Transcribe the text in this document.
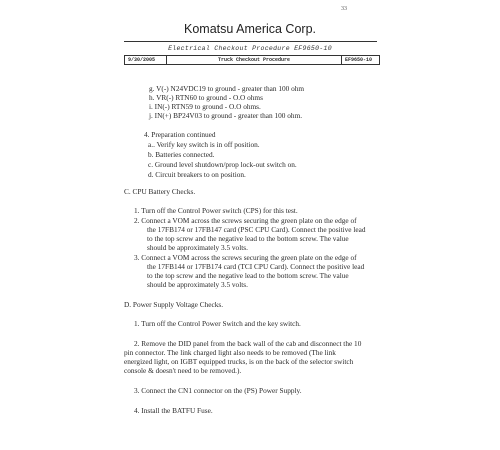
33
Komatsu America Corp.
Electrical Checkout Procedure EF9650-10
9/30/2005	Truck Checkout Procedure	EF9650-10
g. V(-) N24VDC19 to ground - greater than 100 ohm
h. VR(-) RTN60 to ground - O.O ohms
i. IN(-) RTN59 to ground - O.O ohms.
j. IN(+) BP24V03 to ground - greater than 100 ohm.
4. Preparation continued
a.. Verify key switch is in off position.
b. Batteries connected.
c. Ground level shutdown/prop lock-out switch on.
d. Circuit breakers to on position.
C. CPU Battery Checks.
1. Turn off the Control Power switch (CPS) for this test.
2. Connect a VOM across the screws securing the green plate on the edge of
the 17FB174 or 17FB147 card (PSC CPU Card). Connect the positive lead
to the top screw and the negative lead to the bottom screw. The value
should be approximately 3.5 volts.
3. Connect a VOM across the screws securing the green plate on the edge of
the 17FB144 or 17FB174 card (TCI CPU Card). Connect the positive lead
to the top screw and the negative lead to the bottom screw. The value
should be approximately 3.5 volts.
D. Power Supply Voltage Checks.
1. Turn off the Control Power Switch and the key switch.
2. Remove the DID panel from the back wall of the cab and disconnect the 10
pin connector. The link charged light also needs to be removed (The link
energized light, on IGBT equipped trucks, is on the back of the selector switch
console & doesn't need to be removed.).
3. Connect the CN1 connector on the (PS) Power Supply.
4. Install the BATFU Fuse.
